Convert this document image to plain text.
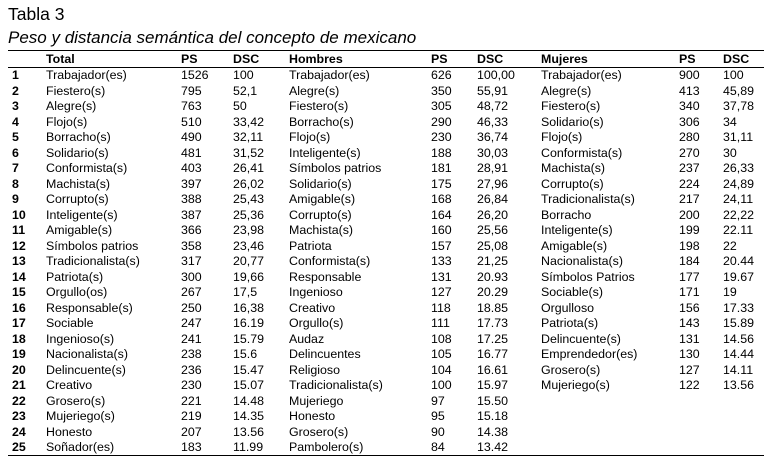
Tabla 3
Peso y distancia semántica del concepto de mexicano
Total	PS	DSC Hombres	PS DSC	Mujeres	PS DSC
1 Trabajador(es)	1526 100	Trabajador(es)	626 100,00 Trabajador(es)	900 100
2 Fiestero(s)	795	52,1	Alegre(s)	350 55,91	Alegre(s)	413 45,89
3 Alegre(s)	763	50	Fiestero(s)	305 48,72	Fiestero(s)	340 37,78
4 Flojo(s)	510	33,42 Borracho(s)	290 46,33	Solidario(s)	306 34
5 Borracho(s)	490	32,11 Flojo(s)	230 36,74	Flojo(s)	280 31,11
6 Solidario(s)	481	31,52 Inteligente(s)	188 30,03	Conformista(s)	270 30
7 Conformista(s)	403	26,41 Símbolos patrios	181 28,91	Machista(s)	237 26,33
8 Machista(s)	397	26,02 Solidario(s)	175 27,96	Corrupto(s)	224 24,89
9 Corrupto(s)	388	25,43 Amigable(s)	168 26,84	Tradicionalista(s)	217 24,11
10 Inteligente(s)	387	25,36 Corrupto(s)	164 26,20	Borracho	200 22,22
11 Amigable(s)	366	23,98 Machista(s)	160 25,56	Inteligente(s)	199 22.11
12 Símbolos patrios	358	23,46 Patriota	157 25,08	Amigable(s)	198 22
13 Tradicionalista(s)	317	20,77 Conformista(s)	133 21,25	Nacionalista(s)	184 20.44
14 Patriota(s)	300	19,66 Responsable	131 20.93	Símbolos Patrios	177 19.67
15 Orgullo(os)	267	17,5	Ingenioso	127 20.29	Sociable(s)	171 19
16 Responsable(s)	250	16,38 Creativo	118 18.85	Orgulloso	156 17.33
17 Sociable	247	16.19 Orgullo(s)	111 17.73	Patriota(s)	143 15.89
18 Ingenioso(s)	241	15.79 Audaz	108 17.25	Delincuente(s)	131 14.56
19 Nacionalista(s)	238	15.6	Delincuentes	105 16.77	Emprendedor(es)	130 14.44
20 Delincuente(s)	236	15.47 Religioso	104 16.61	Grosero(s)	127 14.11
21 Creativo	230	15.07 Tradicionalista(s)	100 15.97	Mujeriego(s)	122 13.56
22 Grosero(s)	221	14.48 Mujeriego	97	15.50
23 Mujeriego(s)	219	14.35 Honesto	95	15.18
24 Honesto	207	13.56 Grosero(s)	90	14.38
25 Soñador(es)	183	11.99 Pambolero(s)	84	13.42
